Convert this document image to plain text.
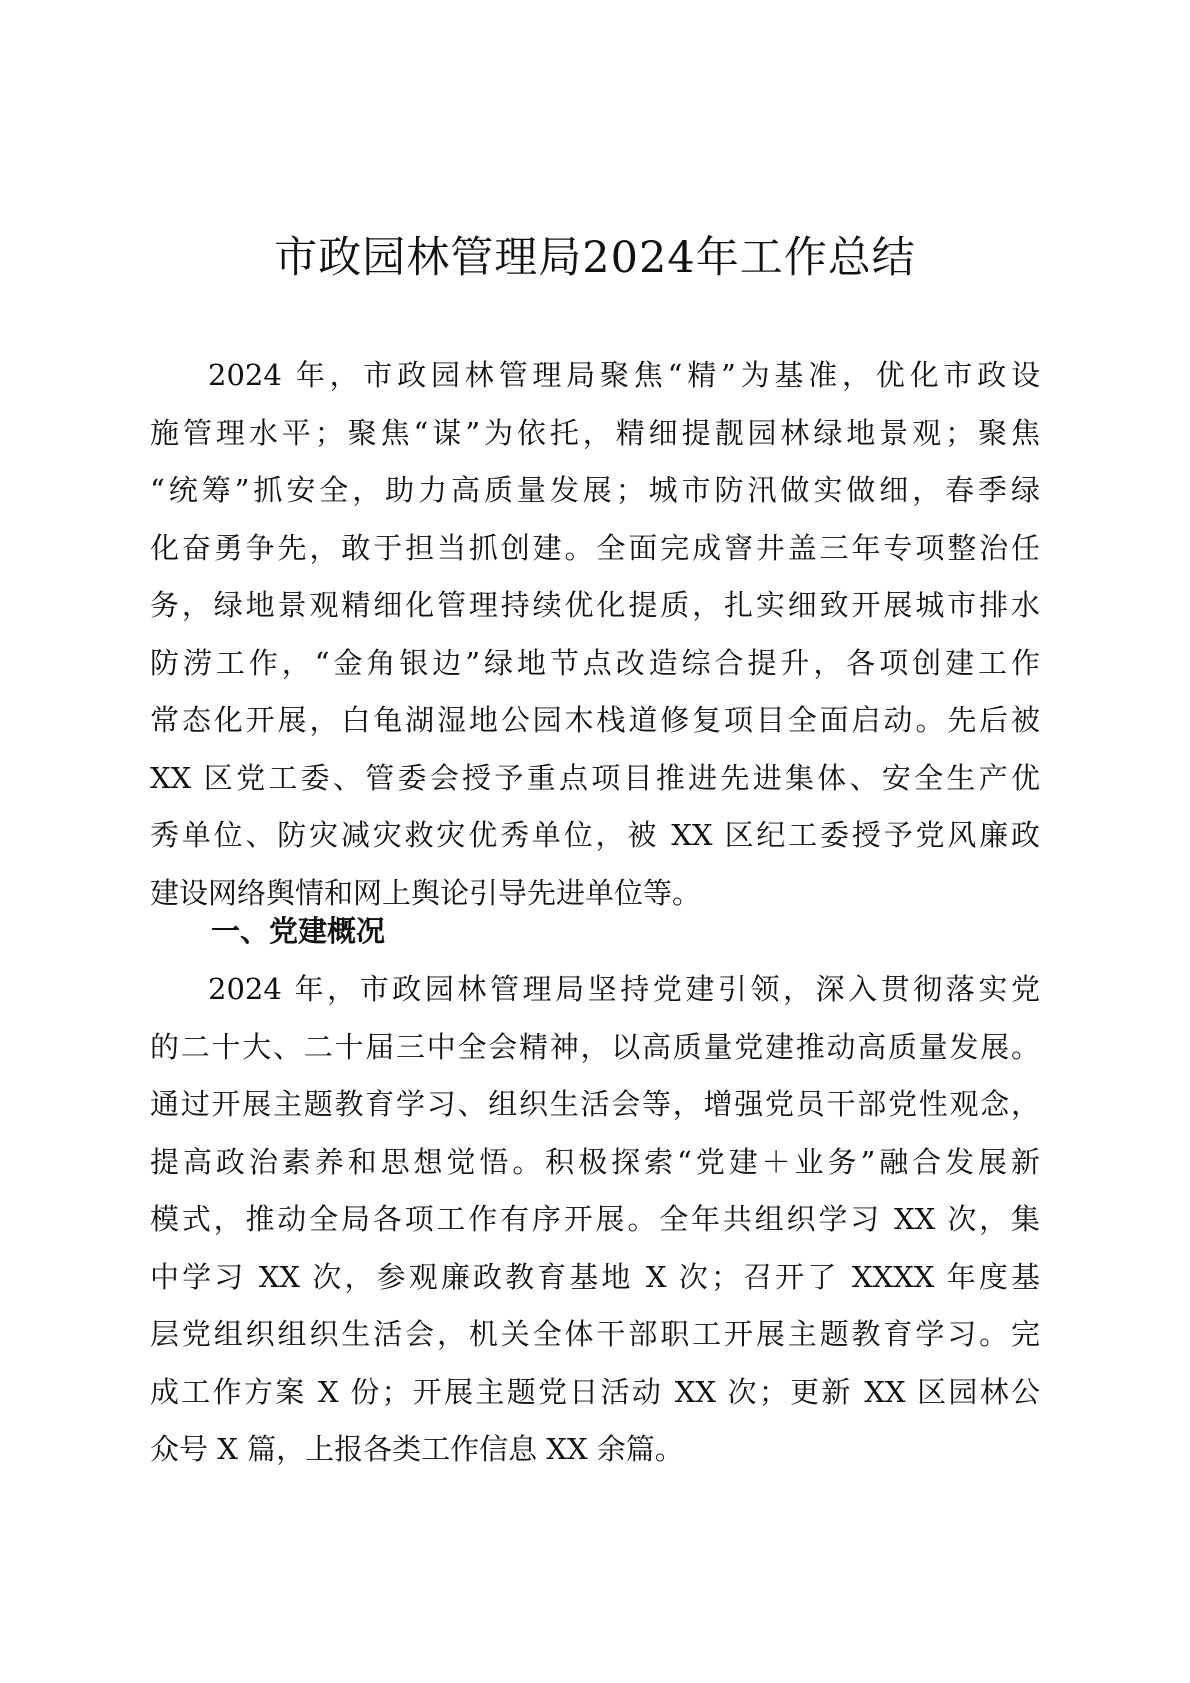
市政园林管理局2024年工作总结
2024 年，市政园林管理局聚焦“精”为基准，优化市政设
施管理水平；聚焦“谋”为依托，精细提靓园林绿地景观；聚焦
“统筹”抓安全，助力高质量发展；城市防汛做实做细，春季绿
化奋勇争先，敢于担当抓创建。全面完成窨井盖三年专项整治任
务，绿地景观精细化管理持续优化提质，扎实细致开展城市排水
防涝工作，“金角银边”绿地节点改造综合提升，各项创建工作
常态化开展，白龟湖湿地公园木栈道修复项目全面启动。先后被
XX 区党工委、管委会授予重点项目推进先进集体、安全生产优
秀单位、防灾减灾救灾优秀单位，被 XX 区纪工委授予党风廉政
建设网络舆情和网上舆论引导先进单位等。
一、党建概况
2024 年，市政园林管理局坚持党建引领，深入贯彻落实党
的二十大、二十届三中全会精神，以高质量党建推动高质量发展。
通过开展主题教育学习、组织生活会等，增强党员干部党性观念，
提高政治素养和思想觉悟。积极探索“党建＋业务”融合发展新
模式，推动全局各项工作有序开展。全年共组织学习 XX 次，集
中学习 XX 次，参观廉政教育基地 X 次；召开了 XXXX 年度基
层党组织组织生活会，机关全体干部职工开展主题教育学习。完
成工作方案 X 份；开展主题党日活动 XX 次；更新 XX 区园林公
众号 X 篇，上报各类工作信息 XX 余篇。
